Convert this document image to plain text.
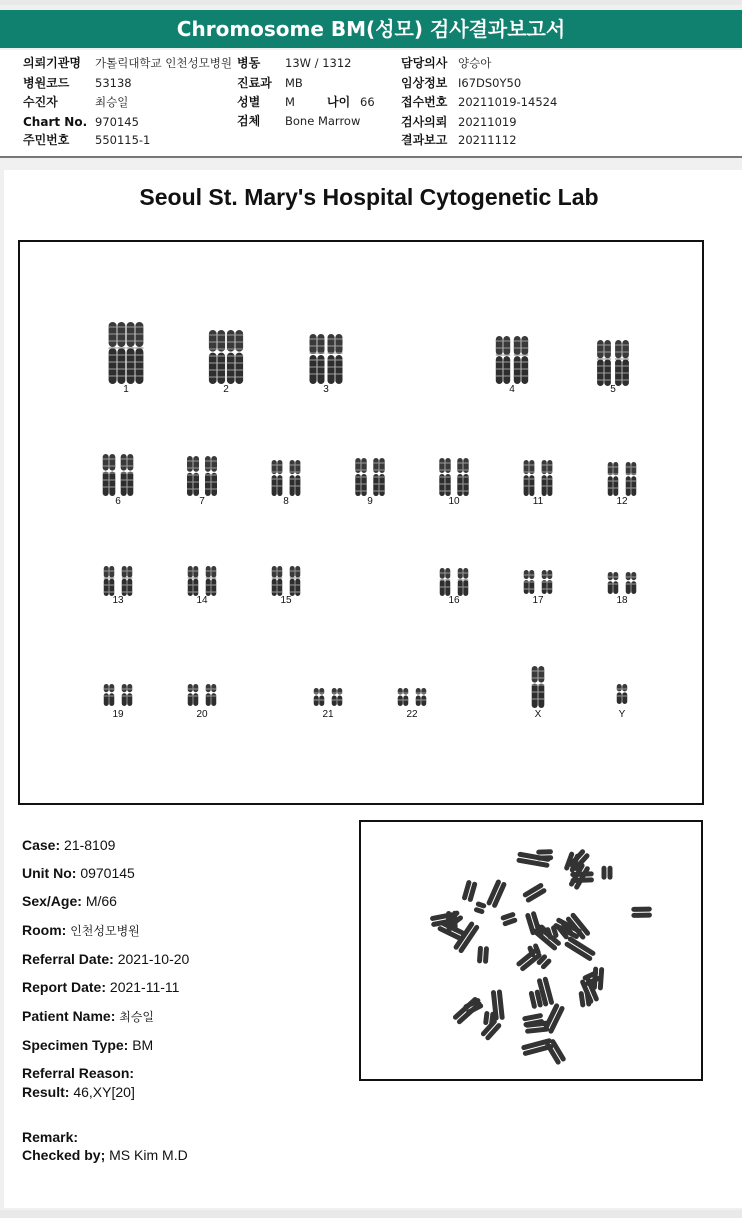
Chromosome BM(성모) 검사결과보고서
의뢰기관명 가톨릭대학교 인천성모병원
병원코드 53138
수진자	최승일
Chart No. 970145
주민번호 550115-1
병동 13W / 1312
진료과 MB
성별 M	나이 66
검체 Bone Marrow
담당의사 양승아
임상정보 I67DS0Y50
접수번호 20211019-14524
검사의뢰 20211019
결과보고 20211112
Seoul St. Mary's Hospital Cytogenetic Lab
1	2	3	4	5
6	7	8	9	10	11	12
13	14	15	16	17	18
19	20	21	22	X	Y
Case: 21-8109
Unit No: 0970145
Sex/Age: M/66
Room: 인천성모병원
Referral Date: 2021-10-20
Report Date: 2021-11-11
Patient Name: 최승일
Specimen Type: BM
Referral Reason:
Result: 46,XY[20]
Remark:
Checked by; MS Kim M.D
